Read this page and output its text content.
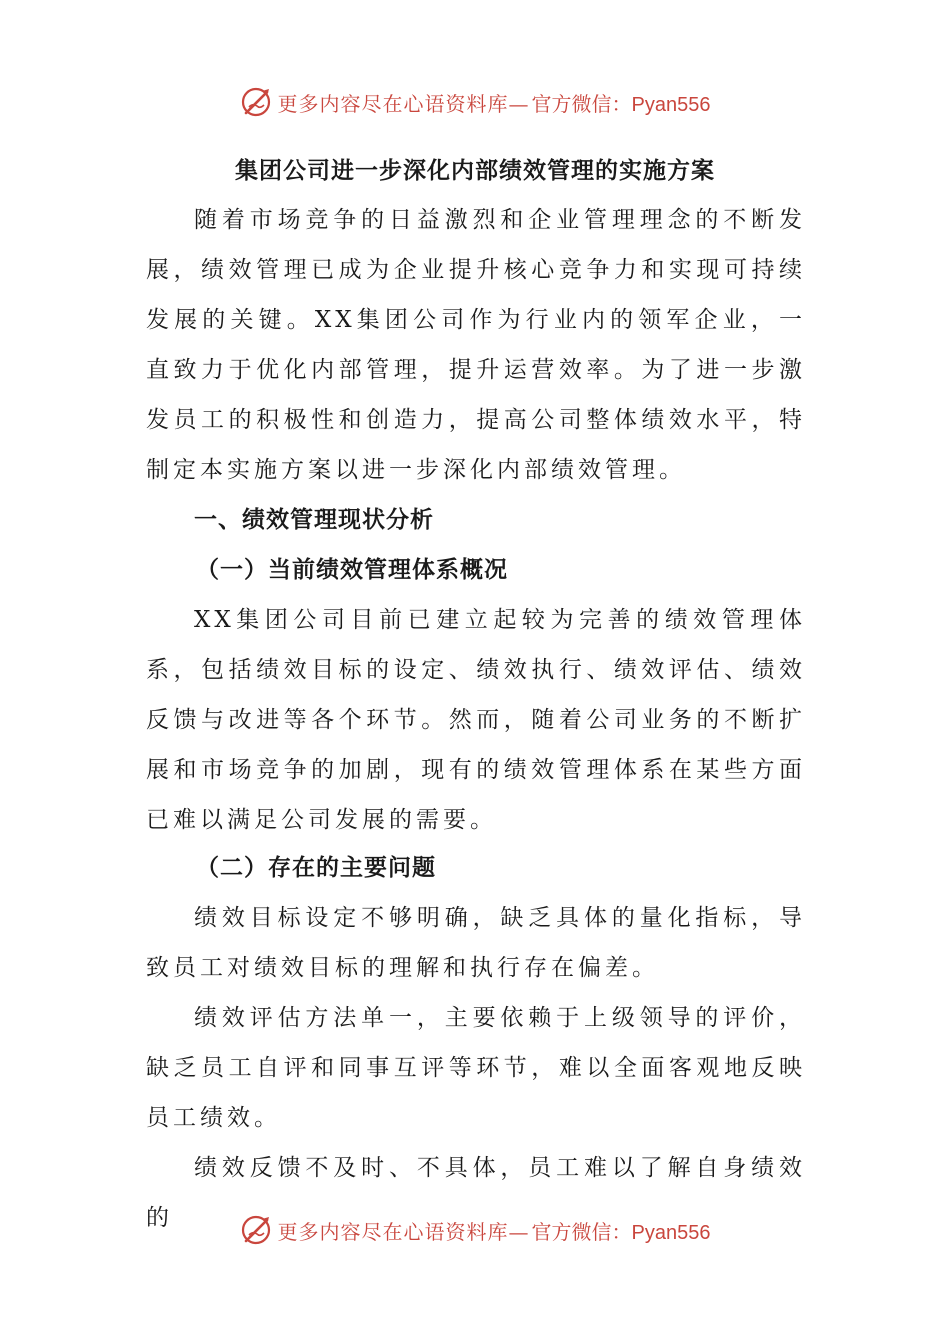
更多内容尽在心语资料库— 官方微信：Pyan556
集团公司进一步深化内部绩效管理的实施方案

随着市场竞争的日益激烈和企业管理理念的不断发展，绩效管理已成为企业提升核心竞争力和实现可持续发展的关键。XX集团公司作为行业内的领军企业，一直致力于优化内部管理，提升运营效率。为了进一步激发员工的积极性和创造力，提高公司整体绩效水平，特制定本实施方案以进一步深化内部绩效管理。

一、绩效管理现状分析
（一）当前绩效管理体系概况

XX集团公司目前已建立起较为完善的绩效管理体系，包括绩效目标的设定、绩效执行、绩效评估、绩效反馈与改进等各个环节。然而，随着公司业务的不断扩展和市场竞争的加剧，现有的绩效管理体系在某些方面已难以满足公司发展的需要。

（二）存在的主要问题

绩效目标设定不够明确，缺乏具体的量化指标，导致员工对绩效目标的理解和执行存在偏差。

绩效评估方法单一，主要依赖于上级领导的评价，缺乏员工自评和同事互评等环节，难以全面客观地反映员工绩效。

绩效反馈不及时、不具体，员工难以了解自身绩效的

更多内容尽在心语资料库— 官方微信：Pyan556
